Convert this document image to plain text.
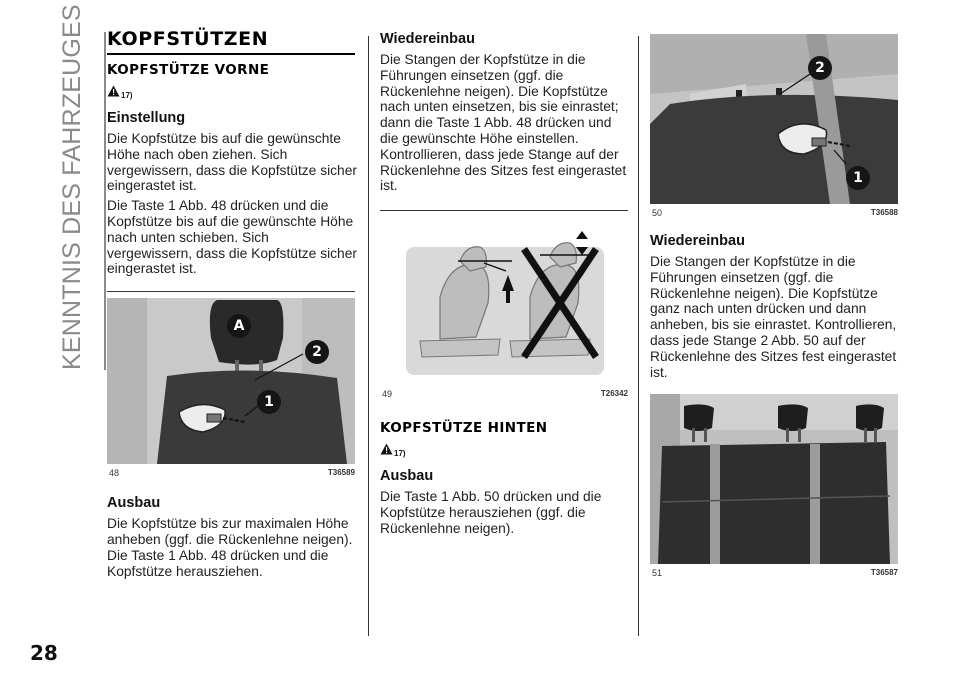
KENNTNIS DES FAHRZEUGES
28
KOPFSTÜTZEN
KOPFSTÜTZE VORNE
17)
Einstellung

Die Kopfstütze bis auf die gewünschte Höhe nach oben ziehen. Sich vergewissern, dass die Kopfstütze sicher eingerastet ist.

Die Taste 1 Abb. 48 drücken und die Kopfstütze bis auf die gewünschte Höhe nach unten schieben. Sich vergewissern, dass die Kopfstütze sicher eingerastet ist.

A
2
1
48	T36589
Ausbau

Die Kopfstütze bis zur maximalen Höhe anheben (ggf. die Rückenlehne neigen). Die Taste 1 Abb. 48 drücken und die Kopfstütze herausziehen.

Wiedereinbau

Die Stangen der Kopfstütze in die Führungen einsetzen (ggf. die Rückenlehne neigen). Die Kopfstütze nach unten einsetzen, bis sie einrastet; dann die Taste 1 Abb. 48 drücken und die gewünschte Höhe einstellen. Kontrollieren, dass jede Stange auf der Rückenlehne des Sitzes fest eingerastet ist.

49	T26342
KOPFSTÜTZE HINTEN
17)
Ausbau

Die Taste 1 Abb. 50 drücken und die Kopfstütze herausziehen (ggf. die Rückenlehne neigen).

2
1
50	T36588
Wiedereinbau

Die Stangen der Kopfstütze in die Führungen einsetzen (ggf. die Rückenlehne neigen). Die Kopfstütze ganz nach unten drücken und dann anheben, bis sie einrastet. Kontrollieren, dass jede Stange 2 Abb. 50 auf der Rückenlehne des Sitzes fest eingerastet ist.

51	T36587
